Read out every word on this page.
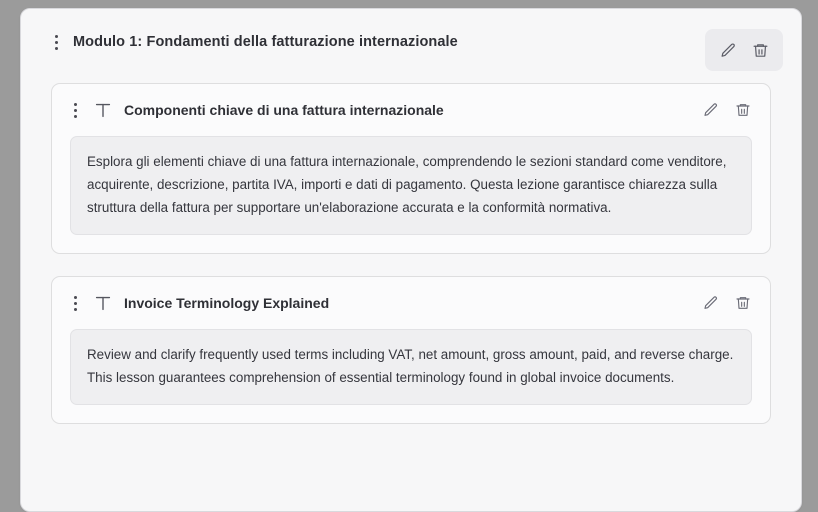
Modulo 1: Fondamenti della fatturazione internazionale
Componenti chiave di una fattura internazionale

Esplora gli elementi chiave di una fattura internazionale, comprendendo le sezioni standard come venditore, acquirente, descrizione, partita IVA, importi e dati di pagamento. Questa lezione garantisce chiarezza sulla struttura della fattura per supportare un'elaborazione accurata e la conformità normativa.

Invoice Terminology Explained

Review and clarify frequently used terms including VAT, net amount, gross amount, paid, and reverse charge. This lesson guarantees comprehension of essential terminology found in global invoice documents.
